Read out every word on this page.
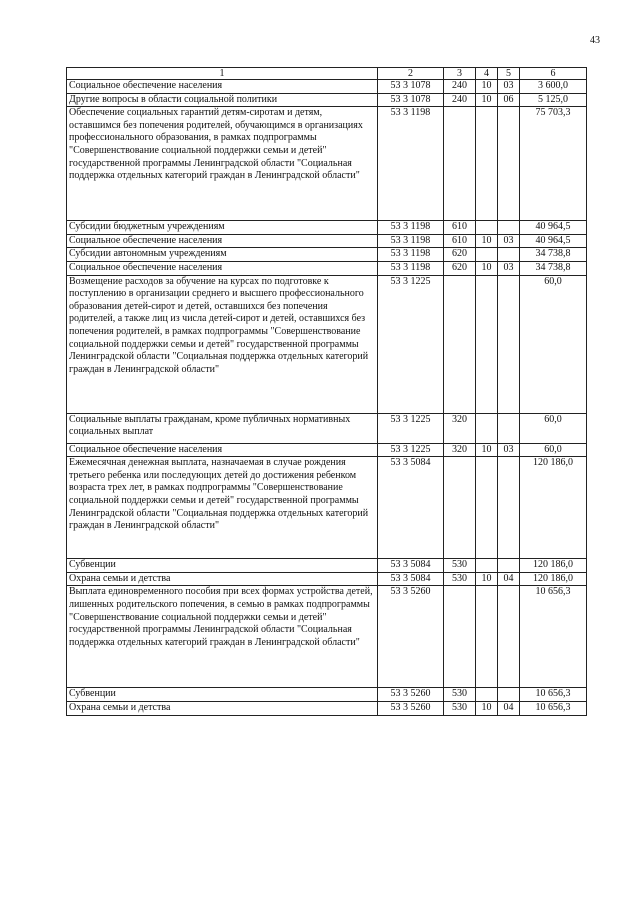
43
1	2	3	4	5	6
Социальное обеспечение населения	53 3 1078	240	10	03	3 600,0
Другие вопросы в области социальной политики	53 3 1078	240	10	06	5 125,0
Обеспечение социальных гарантий детям-сиротам и детям, оставшимся без попечения родителей, обучающимся в организациях профессионального образования, в рамках подпрограммы "Совершенствование социальной поддержки семьи и детей" государственной программы Ленинградской области "Социальная поддержка отдельных категорий граждан в Ленинградской области"	53 3 1198				75 703,3
Субсидии бюджетным учреждениям	53 3 1198	610			40 964,5
Социальное обеспечение населения	53 3 1198	610	10	03	40 964,5
Субсидии автономным учреждениям	53 3 1198	620			34 738,8
Социальное обеспечение населения	53 3 1198	620	10	03	34 738,8
Возмещение расходов за обучение на курсах по подготовке к поступлению в организации среднего и высшего профессионального образования детей-сирот и детей, оставшихся без попечения родителей, а также лиц из числа детей-сирот и детей, оставшихся без попечения родителей, в рамках подпрограммы "Совершенствование социальной поддержки семьи и детей" государственной программы Ленинградской области "Социальная поддержка отдельных категорий граждан в Ленинградской области"	53 3 1225				60,0
Социальные выплаты гражданам, кроме публичных нормативных социальных выплат	53 3 1225	320			60,0
Социальное обеспечение населения	53 3 1225	320	10	03	60,0
Ежемесячная денежная выплата, назначаемая в случае рождения третьего ребенка или последующих детей до достижения ребенком возраста трех лет, в рамках подпрограммы "Совершенствование социальной поддержки семьи и детей" государственной программы Ленинградской области "Социальная поддержка отдельных категорий граждан в Ленинградской области"	53 3 5084				120 186,0
Субвенции	53 3 5084	530			120 186,0
Охрана семьи и детства	53 3 5084	530	10	04	120 186,0
Выплата единовременного пособия при всех формах устройства детей, лишенных родительского попечения, в семью в рамках подпрограммы "Совершенствование социальной поддержки семьи и детей" государственной программы Ленинградской области "Социальная поддержка отдельных категорий граждан в Ленинградской области"	53 3 5260				10 656,3
Субвенции	53 3 5260	530			10 656,3
Охрана семьи и детства	53 3 5260	530	10	04	10 656,3
